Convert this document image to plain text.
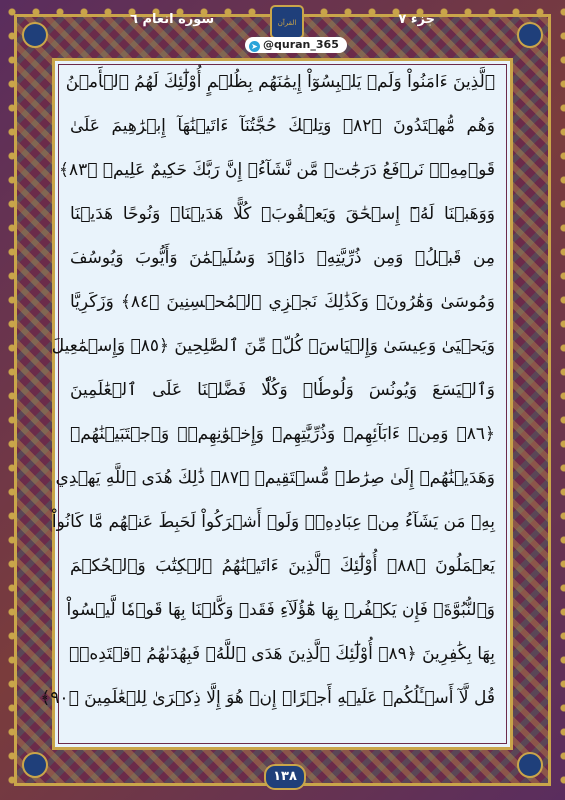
سوره انعام ٦	القرآن	جزء ٧
➤ @quran_365
ٱلَّذِينَ ءَامَنُواْ وَلَمۡ يَلۡبِسُوٓاْ إِيمَٰنَهُم بِظُلۡمٍ أُوْلَٰٓئِكَ لَهُمُ ٱلۡأَمۡنُ
وَهُم مُّهۡتَدُونَ ﴿٨٢﴾ وَتِلۡكَ حُجَّتُنَآ ءَاتَيۡنَٰهَآ إِبۡرَٰهِيمَ عَلَىٰ
قَوۡمِهِۦۚ نَرۡفَعُ دَرَجَٰتٖ مَّن نَّشَآءُۗ إِنَّ رَبَّكَ حَكِيمٌ عَلِيمٞ ﴿٨٣﴾
وَوَهَبۡنَا لَهُۥٓ إِسۡحَٰقَ وَيَعۡقُوبَۚ كُلًّا هَدَيۡنَاۚ وَنُوحًا هَدَيۡنَا
مِن قَبۡلُۖ وَمِن ذُرِّيَّتِهِۦ دَاوُۥدَ وَسُلَيۡمَٰنَ وَأَيُّوبَ وَيُوسُفَ
وَمُوسَىٰ وَهَٰرُونَۚ وَكَذَٰلِكَ نَجۡزِي ٱلۡمُحۡسِنِينَ ﴿٨٤﴾ وَزَكَرِيَّا
وَيَحۡيَىٰ وَعِيسَىٰ وَإِلۡيَاسَۖ كُلّٞ مِّنَ ٱلصَّٰلِحِينَ ﴿٨٥﴾ وَإِسۡمَٰعِيلَ
وَٱلۡيَسَعَ وَيُونُسَ وَلُوطٗاۚ وَكُلّٗا فَضَّلۡنَا عَلَى ٱلۡعَٰلَمِينَ
﴿٨٦﴾ وَمِنۡ ءَابَآئِهِمۡ وَذُرِّيَّٰتِهِمۡ وَإِخۡوَٰنِهِمۡۖ وَٱجۡتَبَيۡنَٰهُمۡ
وَهَدَيۡنَٰهُمۡ إِلَىٰ صِرَٰطٖ مُّسۡتَقِيمٖ ﴿٨٧﴾ ذَٰلِكَ هُدَى ٱللَّهِ يَهۡدِي
بِهِۦ مَن يَشَآءُ مِنۡ عِبَادِهِۦۚ وَلَوۡ أَشۡرَكُواْ لَحَبِطَ عَنۡهُم مَّا كَانُواْ
يَعۡمَلُونَ ﴿٨٨﴾ أُوْلَٰٓئِكَ ٱلَّذِينَ ءَاتَيۡنَٰهُمُ ٱلۡكِتَٰبَ وَٱلۡحُكۡمَ
وَٱلنُّبُوَّةَۚ فَإِن يَكۡفُرۡ بِهَا هَٰٓؤُلَآءِ فَقَدۡ وَكَّلۡنَا بِهَا قَوۡمٗا لَّيۡسُواْ
بِهَا بِكَٰفِرِينَ ﴿٨٩﴾ أُوْلَٰٓئِكَ ٱلَّذِينَ هَدَى ٱللَّهُۖ فَبِهُدَىٰهُمُ ٱقۡتَدِهۡۗ
قُل لَّآ أَسۡـَٔلُكُمۡ عَلَيۡهِ أَجۡرًاۖ إِنۡ هُوَ إِلَّا ذِكۡرَىٰ لِلۡعَٰلَمِينَ ﴿٩٠﴾
١٣٨
